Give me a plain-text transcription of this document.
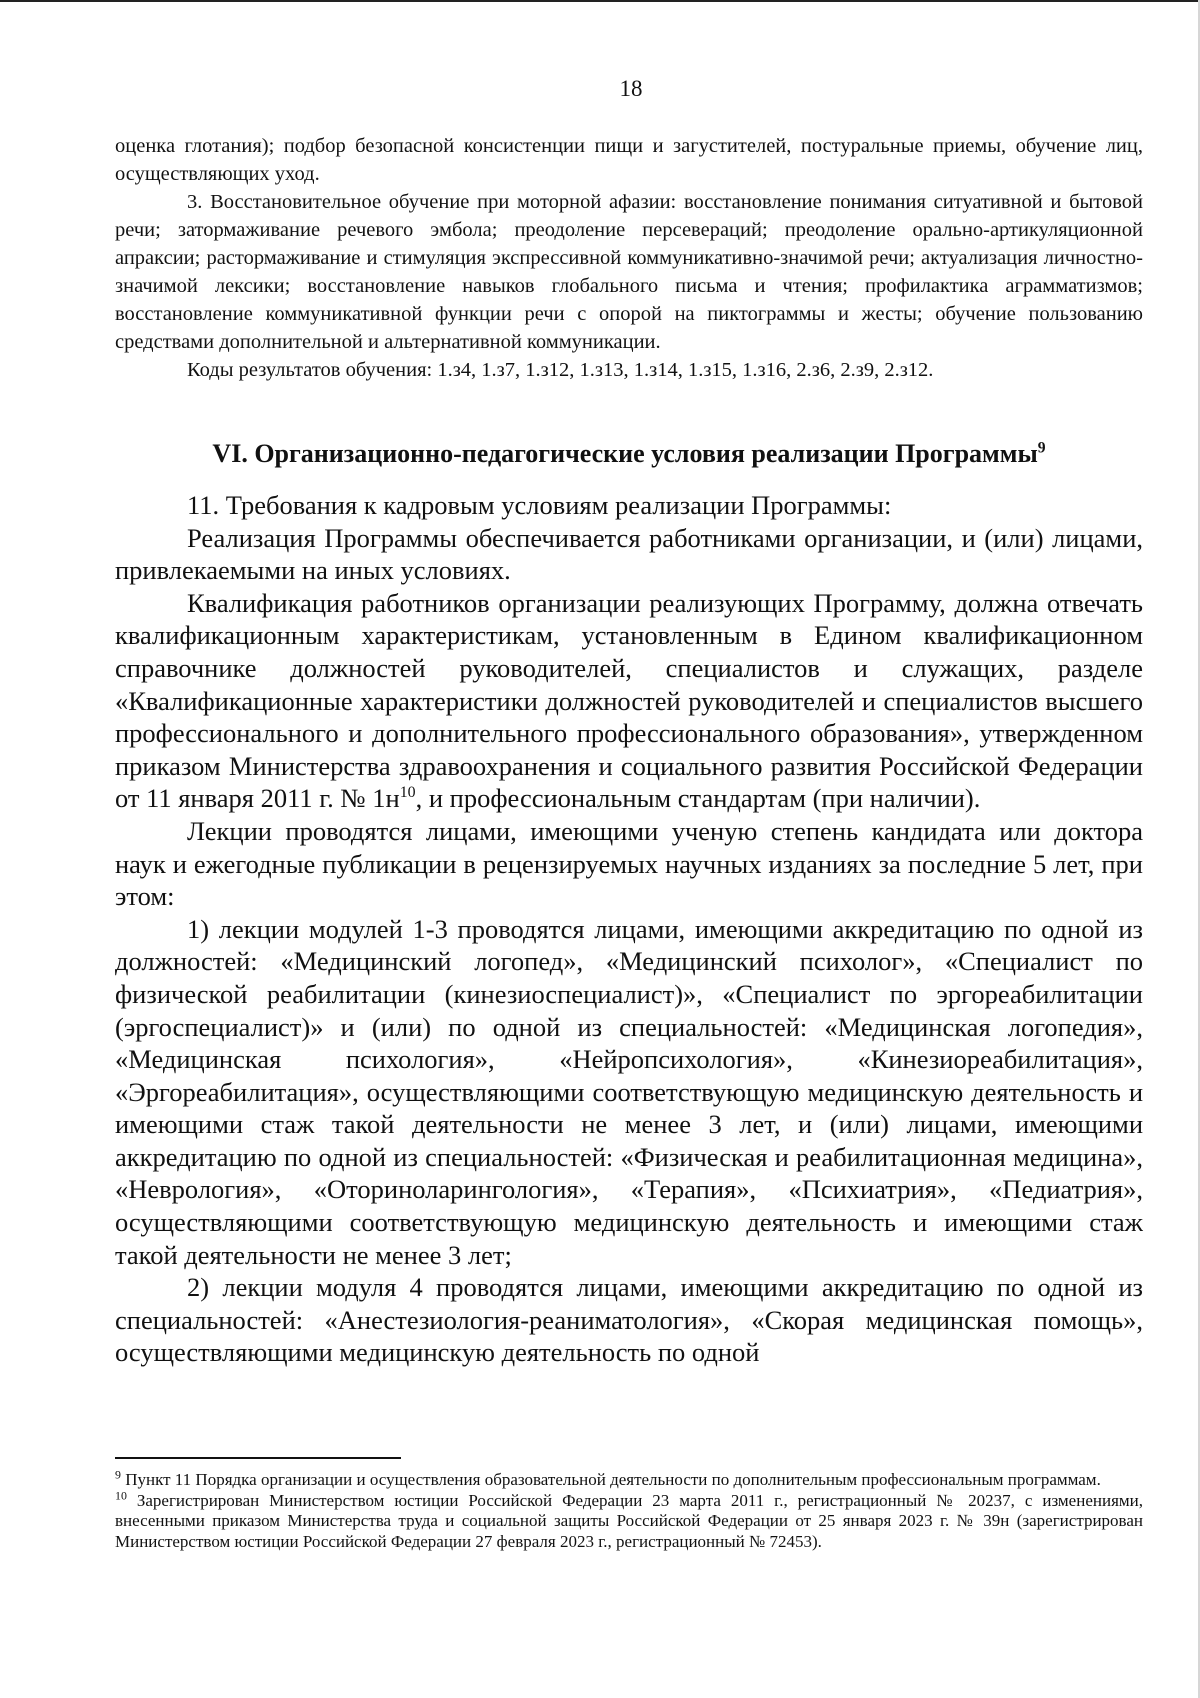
18

оценка глотания); подбор безопасной консистенции пищи и загустителей, постуральные приемы, обучение лиц, осуществляющих уход.

3. Восстановительное обучение при моторной афазии: восстановление понимания ситуативной и бытовой речи; затормаживание речевого эмбола; преодоление персевераций; преодоление орально-артикуляционной апраксии; растормаживание и стимуляция экспрессивной коммуникативно-значимой речи; актуализация личностно-значимой лексики; восстановление навыков глобального письма и чтения; профилактика аграмматизмов; восстановление коммуникативной функции речи с опорой на пиктограммы и жесты; обучение пользованию средствами дополнительной и альтернативной коммуникации.

Коды результатов обучения: 1.з4, 1.з7, 1.з12, 1.з13, 1.з14, 1.з15, 1.з16, 2.з6, 2.з9, 2.з12.

VI. Организационно-педагогические условия реализации Программы$^9$

11. Требования к кадровым условиям реализации Программы:

Реализация Программы обеспечивается работниками организации, и (или) лицами, привлекаемыми на иных условиях.

Квалификация работников организации реализующих Программу, должна отвечать квалификационным характеристикам, установленным в Едином квалификационном справочнике должностей руководителей, специалистов и служащих, разделе «Квалификационные характеристики должностей руководителей и специалистов высшего профессионального и дополнительного профессионального образования», утвержденном приказом Министерства здравоохранения и социального развития Российской Федерации от 11 января 2011 г. № $1н^{10}$, и профессиональным стандартам (при наличии).

Лекции проводятся лицами, имеющими ученую степень кандидата или доктора наук и ежегодные публикации в рецензируемых научных изданиях за последние 5 лет, при этом:

1) лекции модулей 1-3 проводятся лицами, имеющими аккредитацию по одной из должностей: «Медицинский логопед», «Медицинский психолог», «Специалист по физической реабилитации (кинезиоспециалист)», «Специалист по эргореабилитации (эргоспециалист)» и (или) по одной из специальностей: «Медицинская логопедия», «Медицинская психология», «Нейропсихология», «Кинезиореабилитация», «Эргореабилитация», осуществляющими соответствующую медицинскую деятельность и имеющими стаж такой деятельности не менее 3 лет, и (или) лицами, имеющими аккредитацию по одной из специальностей: «Физическая и реабилитационная медицина», «Неврология», «Оториноларингология», «Терапия», «Психиатрия», «Педиатрия», осуществляющими соответствующую медицинскую деятельность и имеющими стаж такой деятельности не менее 3 лет;

2) лекции модуля 4 проводятся лицами, имеющими аккредитацию по одной из специальностей: «Анестезиология-реаниматология», «Скорая медицинская помощь», осуществляющими медицинскую деятельность по одной

$^9$ Пункт 11 Порядка организации и осуществления образовательной деятельности по дополнительным профессиональным программам.

$^{10}$ Зарегистрирован Министерством юстиции Российской Федерации 23 марта 2011 г., регистрационный № 20237, с изменениями, внесенными приказом Министерства труда и социальной защиты Российской Федерации от 25 января 2023 г. № 39н (зарегистрирован Министерством юстиции Российской Федерации 27 февраля 2023 г., регистрационный № 72453).
